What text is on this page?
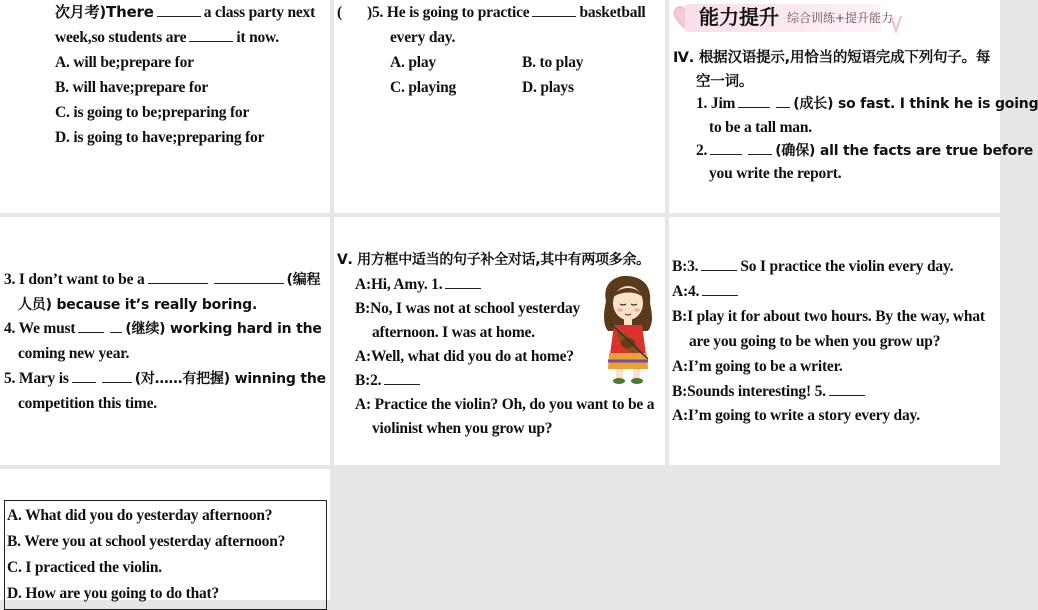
次月考)There	a class party next
week,so students are	it now.
A. will be;prepare for
B. will have;prepare for
C. is going to be;preparing for
D. is going to have;preparing for
( )5. He is going to practice	basketball
every day.
A. play	B. to play
C. playing	D. plays
能力提升 综合训练+提升能力
Ⅳ. 根据汉语提示,用恰当的短语完成下列句子。每
空一词。
1. Jim	(成长) so fast. I think he is going
to be a tall man.
2.	(确保) all the facts are true before
you write the report.
3. I don’t want to be a	(编程
人员) because it’s really boring.
4. We must	(继续) working hard in the
coming new year.
5. Mary is	(对……有把握) winning the
competition this time.
Ⅴ. 用方框中适当的句子补全对话,其中有两项多余。
A:Hi, Amy. 1.
B:No, I was not at school yesterday
afternoon. I was at home.
A:Well, what did you do at home?
B:2.
A: Practice the violin? Oh, do you want to be a
violinist when you grow up?
B:3.	So I practice the violin every day.
A:4.
B:I play it for about two hours. By the way, what
are you going to be when you grow up?
A:I’m going to be a writer.
B:Sounds interesting! 5.
A:I’m going to write a story every day.
A. What did you do yesterday afternoon?
B. Were you at school yesterday afternoon?
C. I practiced the violin.
D. How are you going to do that?
